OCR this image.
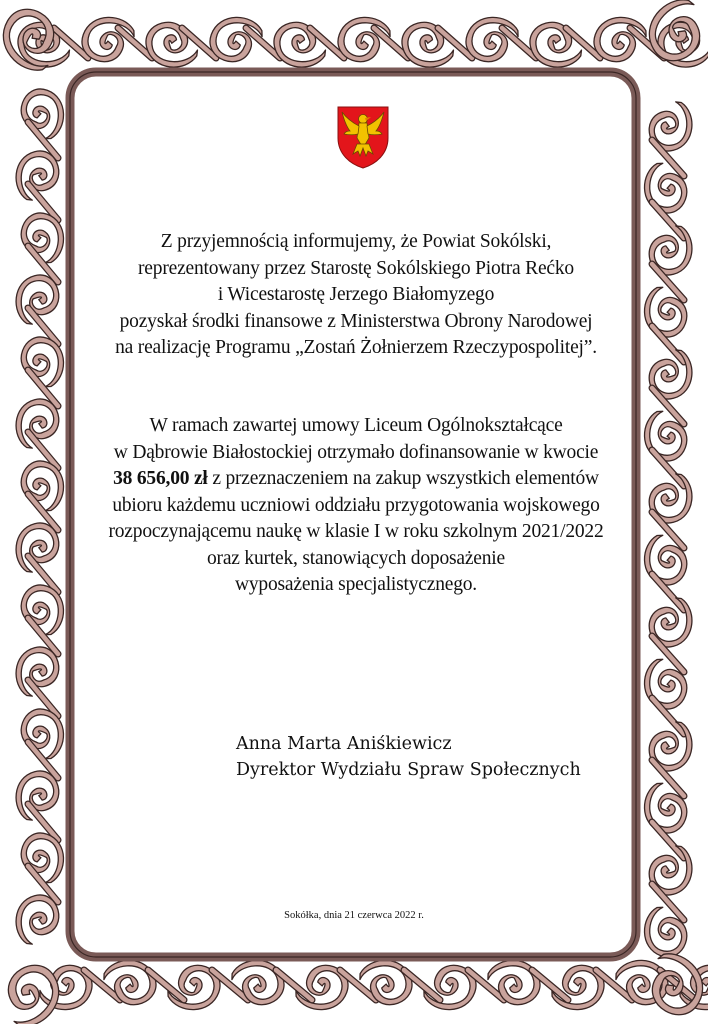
Z przyjemnością informujemy, że Powiat Sokólski,
reprezentowany przez Starostę Sokólskiego Piotra Rećko
i Wicestarostę Jerzego Białomyzego
pozyskał środki finansowe z Ministerstwa Obrony Narodowej
na realizację Programu „Zostań Żołnierzem Rzeczypospolitej”.
W ramach zawartej umowy Liceum Ogólnokształcące
w Dąbrowie Białostockiej otrzymało dofinansowanie w kwocie
38 656,00 zł z przeznaczeniem na zakup wszystkich elementów
ubioru każdemu uczniowi oddziału przygotowania wojskowego
rozpoczynającemu naukę w klasie I w roku szkolnym 2021/2022
oraz kurtek, stanowiących doposażenie
wyposażenia specjalistycznego.
Anna Marta Aniśkiewicz
Dyrektor Wydziału Spraw Społecznych
Sokółka, dnia 21 czerwca 2022 r.
